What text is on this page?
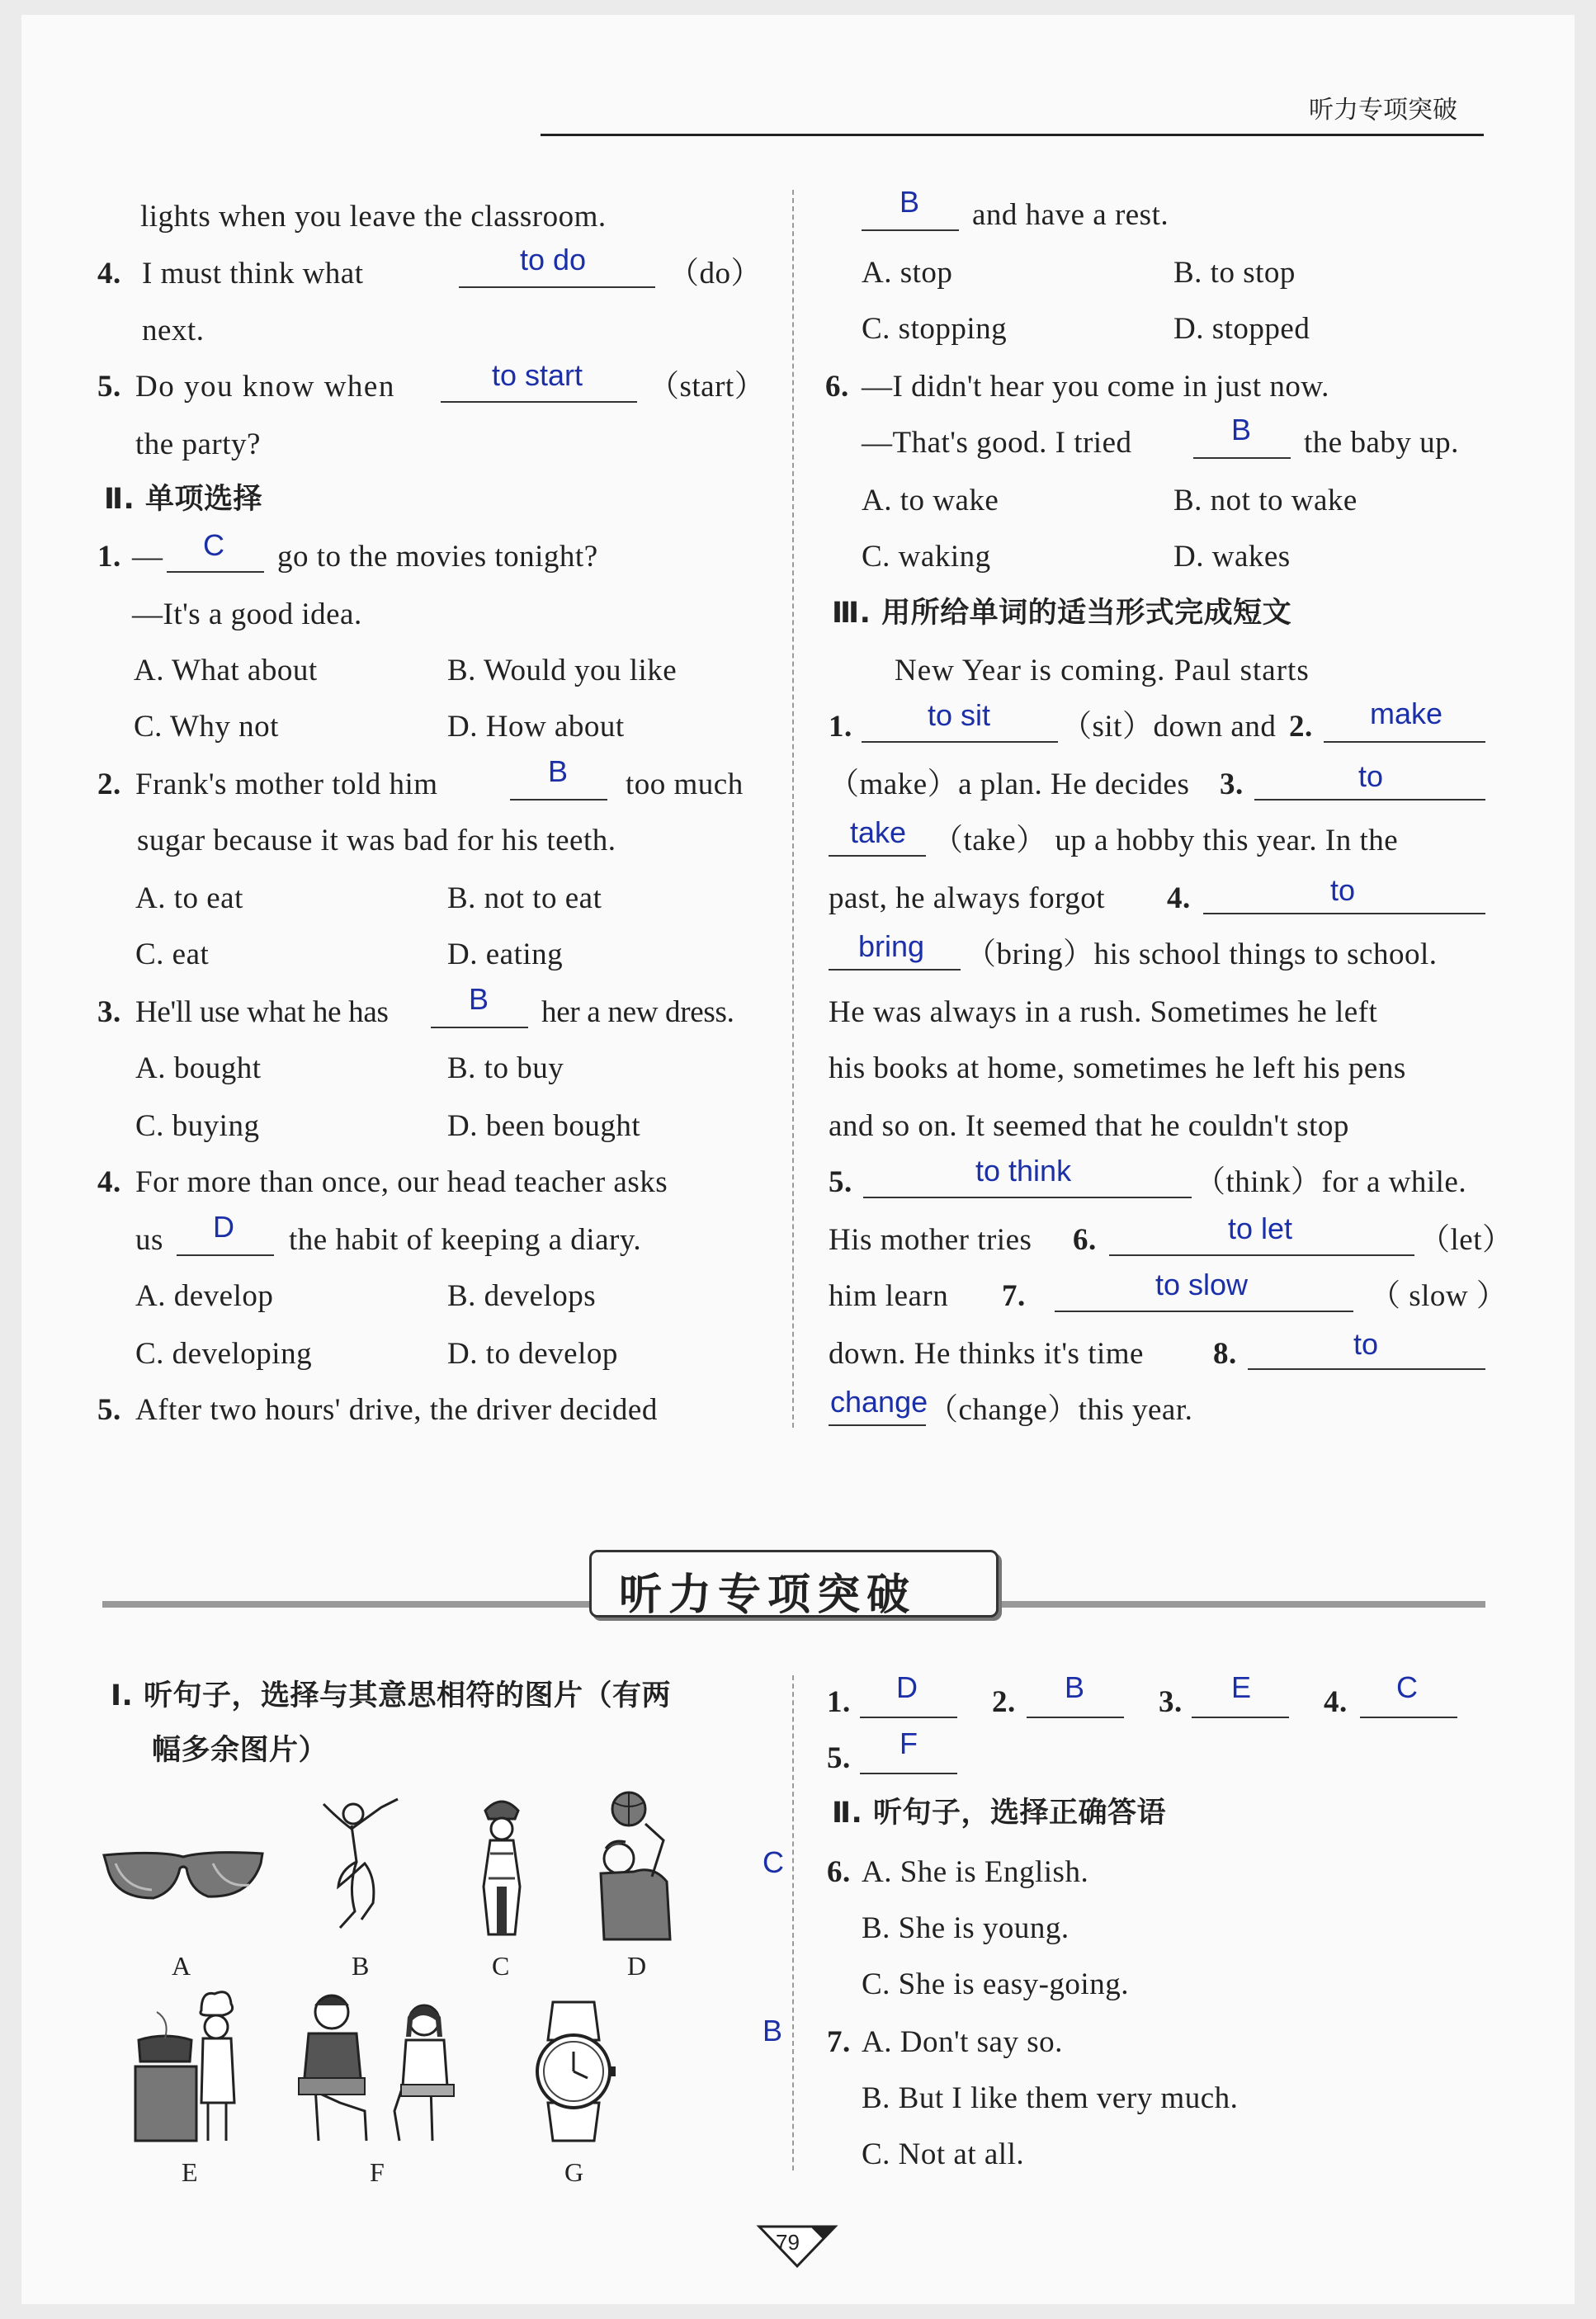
听力专项突破
lights when you leave the classroom.
4. I must think what	to do	（do）
next.
5. Do you know when	to start （start）
the party?
Ⅱ. 单项选择
1. — C go to the movies tonight?
—It's a good idea.
A. What about	B. Would you like
C. Why not	D. How about
2. Frank's mother told him	B too much
sugar because it was bad for his teeth.
A. to eat	B. not to eat
C. eat	D. eating
3. He'll use what he has	B her a new dress.
A. bought	B. to buy
C. buying	D. been bought
4. For more than once, our head teacher asks
us D the habit of keeping a diary.
A. develop	B. develops
C. developing	D. to develop
5. After two hours' drive, the driver decided
B and have a rest.
A. stop	B. to stop
C. stopping	D. stopped
6. —I didn't hear you come in just now.
—That's good. I tried	B the baby up.
A. to wake	B. not to wake
C. waking	D. wakes
Ⅲ. 用所给单词的适当形式完成短文
New Year is coming. Paul starts
1.	to sit （sit）down and 2. make
（make）a plan. He decides 3.	to
take （take） up a hobby this year. In the
past, he always forgot 4.	to
bring （bring）his school things to school.
He was always in a rush. Sometimes he left
his books at home, sometimes he left his pens
and so on. It seemed that he couldn't stop
5.	to think	（think）for a while.
His mother tries 6.	to let	（let）
him learn 7.	to slow	（ slow ）
down. He thinks it's time 8.	to
change （change）this year.
听力专项突破
Ⅰ. 听句子，选择与其意思相符的图片（有两
幅多余图片）
A	B	C	D
E	F	G
C
B
1. D 2. B 3. E 4. C
5. F
Ⅱ. 听句子，选择正确答语
6. A. She is English.
B. She is young.
C. She is easy-going.
7. A. Don't say so.
B. But I like them very much.
C. Not at all.
79
